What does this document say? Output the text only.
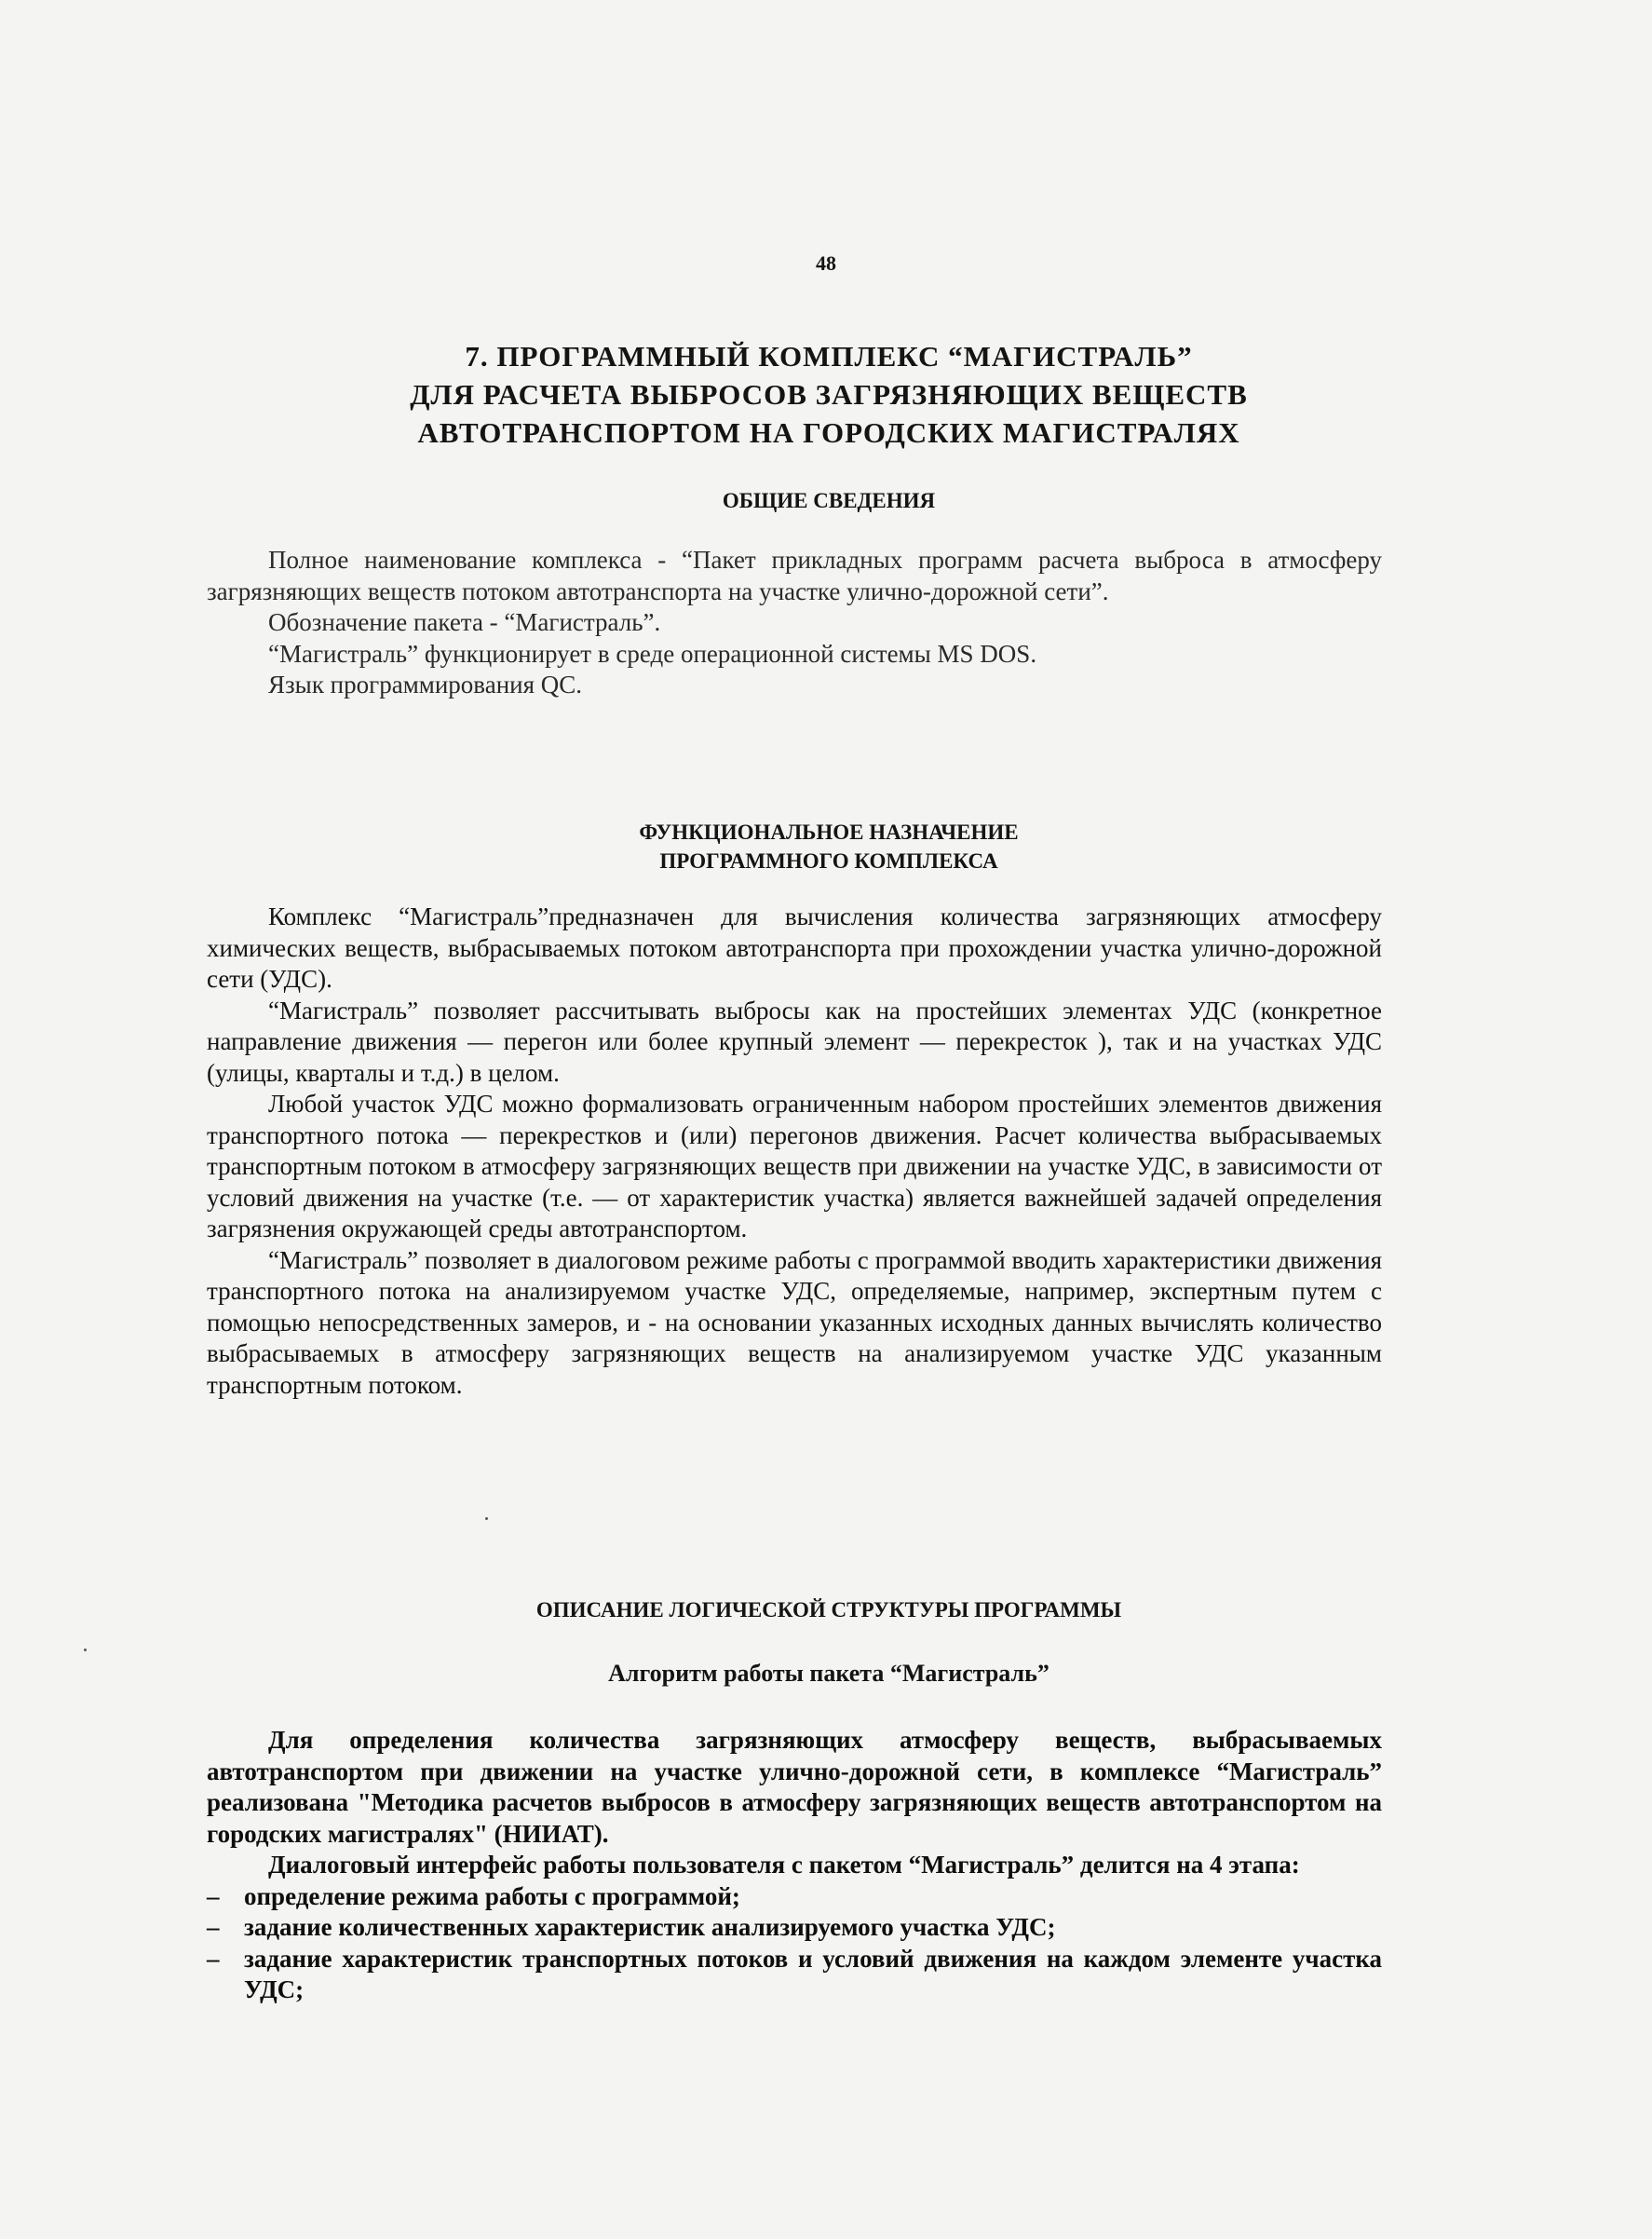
48
7. ПРОГРАММНЫЙ КОМПЛЕКС “МАГИСТРАЛЬ”
ДЛЯ РАСЧЕТА ВЫБРОСОВ ЗАГРЯЗНЯЮЩИХ ВЕЩЕСТВ
АВТОТРАНСПОРТОМ НА ГОРОДСКИХ МАГИСТРАЛЯХ
ОБЩИЕ СВЕДЕНИЯ

Полное наименование комплекса - “Пакет прикладных программ расчета выброса в атмосферу загрязняющих веществ потоком автотранспорта на участке улично-дорожной сети”.

Обозначение пакета - “Магистраль”.

“Магистраль” функционирует в среде операционной системы MS DOS.

Язык программирования QC.

ФУНКЦИОНАЛЬНОЕ НАЗНАЧЕНИЕ
ПРОГРАММНОГО КОМПЛЕКСА

Комплекс “Магистраль”предназначен для вычисления количества загрязняющих атмосферу химических веществ, выбрасываемых потоком автотранспорта при прохождении участка улично-дорожной сети (УДС).

“Магистраль” позволяет рассчитывать выбросы как на простейших элементах УДС (конкретное направление движения — перегон или более крупный элемент — перекресток ), так и на участках УДС (улицы, кварталы и т.д.) в целом.

Любой участок УДС можно формализовать ограниченным набором простейших элементов движения транспортного потока — перекрестков и (или) перегонов движения. Расчет количества выбрасываемых транспортным потоком в атмосферу загрязняющих веществ при движении на участке УДС, в зависимости от условий движения на участке (т.е. — от характеристик участка) является важнейшей задачей определения загрязнения окружающей среды автотранспортом.

“Магистраль” позволяет в диалоговом режиме работы с программой вводить характеристики движения транспортного потока на анализируемом участке УДС, определяемые, например, экспертным путем с помощью непосредственных замеров, и - на основании указанных исходных данных вычислять количество выбрасываемых в атмосферу загрязняющих веществ на анализируемом участке УДС указанным транспортным потоком.

ОПИСАНИЕ ЛОГИЧЕСКОЙ СТРУКТУРЫ ПРОГРАММЫ
Алгоритм работы пакета “Магистраль”

Для определения количества загрязняющих атмосферу веществ, выбрасываемых автотранспортом при движении на участке улично-дорожной сети, в комплексе “Магистраль” реализована "Методика расчетов выбросов в атмосферу загрязняющих веществ автотранспортом на городских магистралях" (НИИАТ).

Диалоговый интерфейс работы пользователя с пакетом “Магистраль” делится на 4 этапа:

– определение режима работы с программой;
– задание количественных характеристик анализируемого участка УДС;
– задание характеристик транспортных потоков и условий движения на каждом элементе участка УДС;
